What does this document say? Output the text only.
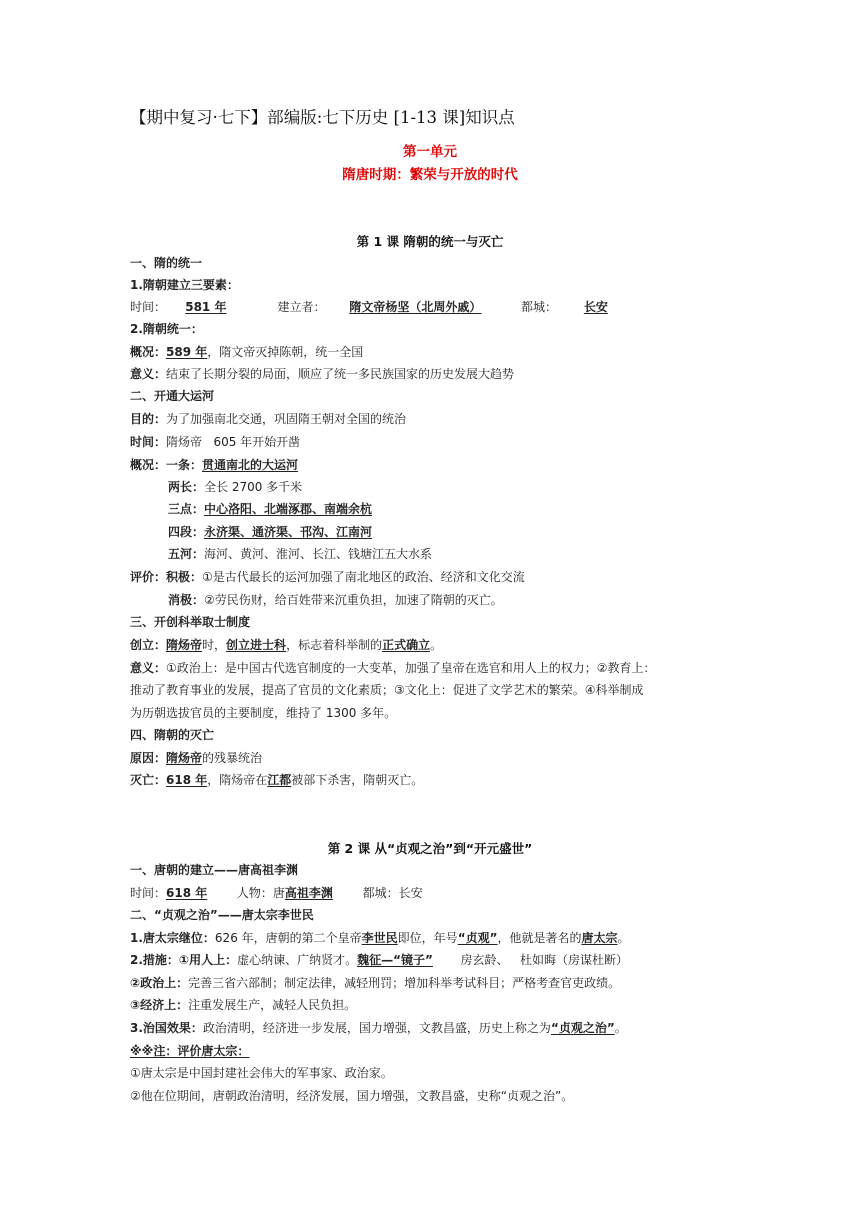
【期中复习·七下】部编版:七下历史 [1-13 课]知识点
第一单元
隋唐时期：繁荣与开放的时代
第 1 课 隋朝的统一与灭亡
一、隋的统一
1.隋朝建立三要素：
时间： 581 年	建立者： 隋文帝杨坚（北周外戚）	都城： 长安
2.隋朝统一：
概况：589 年，隋文帝灭掉陈朝，统一全国
意义：结束了长期分裂的局面，顺应了统一多民族国家的历史发展大趋势
二、开通大运河
目的：为了加强南北交通，巩固隋王朝对全国的统治
时间：隋炀帝   605 年开始开凿
概况：一条：贯通南北的大运河
两长：全长 2700 多千米
三点：中心洛阳、北端涿郡、南端余杭
四段：永济渠、通济渠、邗沟、江南河
五河：海河、黄河、淮河、长江、钱塘江五大水系
评价：积极：①是古代最长的运河加强了南北地区的政治、经济和文化交流
消极：②劳民伤财，给百姓带来沉重负担，加速了隋朝的灭亡。
三、开创科举取士制度
创立：隋炀帝时，创立进士科，标志着科举制的正式确立。
意义：①政治上：是中国古代选官制度的一大变革，加强了皇帝在选官和用人上的权力；②教育上：
推动了教育事业的发展，提高了官员的文化素质；③文化上：促进了文学艺术的繁荣。④科举制成
为历朝选拔官员的主要制度，维持了 1300 多年。
四、隋朝的灭亡
原因：隋炀帝的残暴统治
灭亡：618 年，隋炀帝在江都被部下杀害，隋朝灭亡。
第 2 课 从“贞观之治”到“开元盛世”
一、唐朝的建立——唐高祖李渊
时间：618 年 人物：唐高祖李渊 都城：长安
二、“贞观之治”——唐太宗李世民
1.唐太宗继位：626 年，唐朝的第二个皇帝李世民即位，年号“贞观”，他就是著名的唐太宗。
2.措施：①用人上：虚心纳谏、广纳贤才。魏征—“镜子” 房玄龄、   杜如晦（房谋杜断）
②政治上：完善三省六部制；制定法律，减轻刑罚；增加科举考试科目；严格考查官吏政绩。
③经济上：注重发展生产，减轻人民负担。
3.治国效果：政治清明，经济进一步发展，国力增强，文教昌盛，历史上称之为“贞观之治”。
※※注：评价唐太宗：
①唐太宗是中国封建社会伟大的军事家、政治家。
②他在位期间，唐朝政治清明，经济发展，国力增强，文教昌盛，史称“贞观之治”。
